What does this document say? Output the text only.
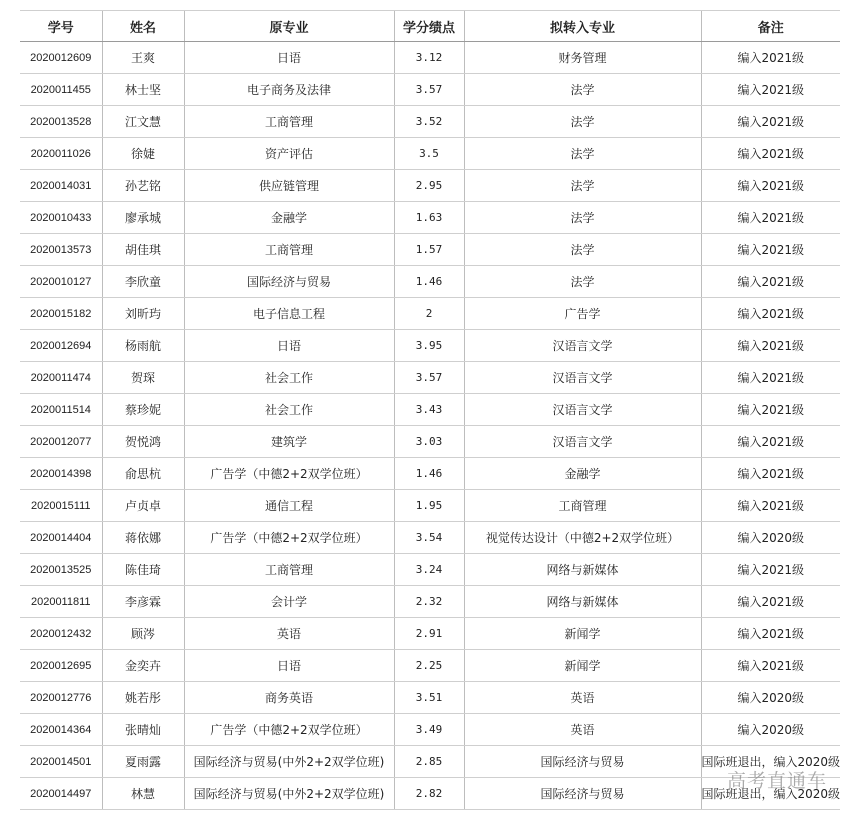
学号	姓名	原专业	学分绩点	拟转入专业	备注
2020012609	王爽	日语	3.12	财务管理	编入2021级
2020011455	林士坚	电子商务及法律	3.57	法学	编入2021级
2020013528	江文慧	工商管理	3.52	法学	编入2021级
2020011026	徐婕	资产评估	3.5	法学	编入2021级
2020014031	孙艺铭	供应链管理	2.95	法学	编入2021级
2020010433	廖承城	金融学	1.63	法学	编入2021级
2020013573	胡佳琪	工商管理	1.57	法学	编入2021级
2020010127	李欣童	国际经济与贸易	1.46	法学	编入2021级
2020015182	刘昕玙	电子信息工程	2	广告学	编入2021级
2020012694	杨雨航	日语	3.95	汉语言文学	编入2021级
2020011474	贺琛	社会工作	3.57	汉语言文学	编入2021级
2020011514	蔡珍妮	社会工作	3.43	汉语言文学	编入2021级
2020012077	贺悦鸿	建筑学	3.03	汉语言文学	编入2021级
2020014398	俞思杭	广告学（中德2+2双学位班）	1.46	金融学	编入2021级
2020015111	卢贞卓	通信工程	1.95	工商管理	编入2021级
2020014404	蒋依娜	广告学（中德2+2双学位班）	3.54	视觉传达设计（中德2+2双学位班）	编入2020级
2020013525	陈佳琦	工商管理	3.24	网络与新媒体	编入2021级
2020011811	李彦霖	会计学	2.32	网络与新媒体	编入2021级
2020012432	顾涔	英语	2.91	新闻学	编入2021级
2020012695	金奕卉	日语	2.25	新闻学	编入2021级
2020012776	姚若彤	商务英语	3.51	英语	编入2020级
2020014364	张晴灿	广告学（中德2+2双学位班）	3.49	英语	编入2020级
2020014501	夏雨露	国际经济与贸易(中外2+2双学位班)	2.85	国际经济与贸易	国际班退出，编入2020级
2020014497	林慧	国际经济与贸易(中外2+2双学位班)	2.82	国际经济与贸易	国际班退出，编入2020级
高考直通车
